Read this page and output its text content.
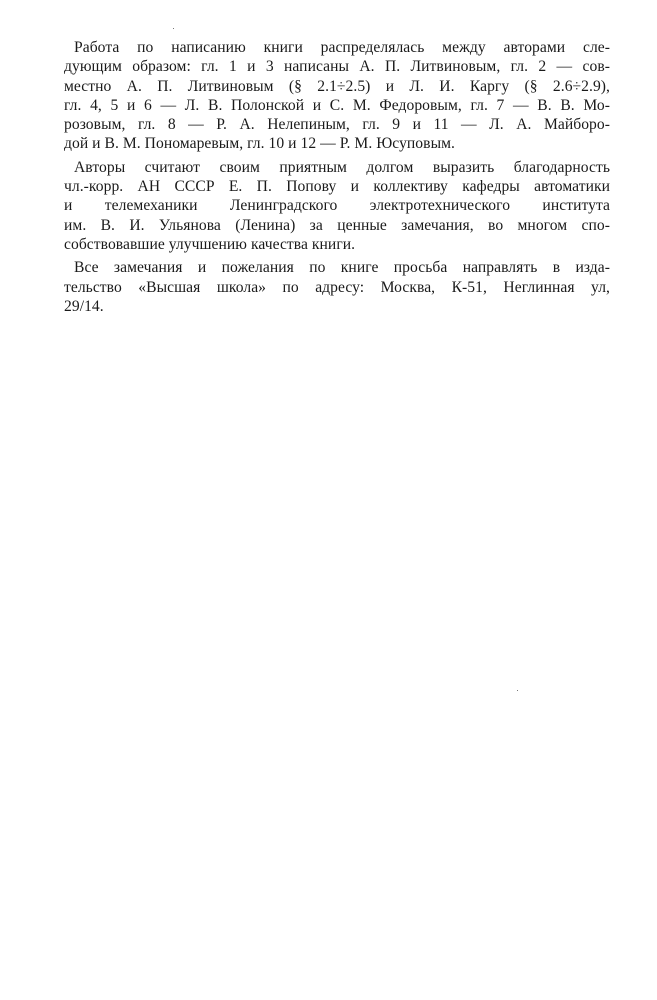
Работа по написанию книги распределялась между авторами сле-
дующим образом: гл. 1 и 3 написаны А. П. Литвиновым, гл. 2 — сов-
местно А. П. Литвиновым (§ 2.1÷2.5) и Л. И. Каргу (§ 2.6÷2.9),
гл. 4, 5 и 6 — Л. В. Полонской и С. М. Федоровым, гл. 7 — В. В. Мо-
розовым, гл. 8 — Р. А. Нелепиным, гл. 9 и 11 — Л. А. Майборо-
дой и В. М. Пономаревым, гл. 10 и 12 — Р. М. Юсуповым.
Авторы считают своим приятным долгом выразить благодарность
чл.-корр. АН СССР Е. П. Попову и коллективу кафедры автоматики
и телемеханики Ленинградского электротехнического института
им. В. И. Ульянова (Ленина) за ценные замечания, во многом спо-
собствовавшие улучшению качества книги.
Все замечания и пожелания по книге просьба направлять в изда-
тельство «Высшая школа» по адресу: Москва, К-51, Неглинная ул,
29/14.
